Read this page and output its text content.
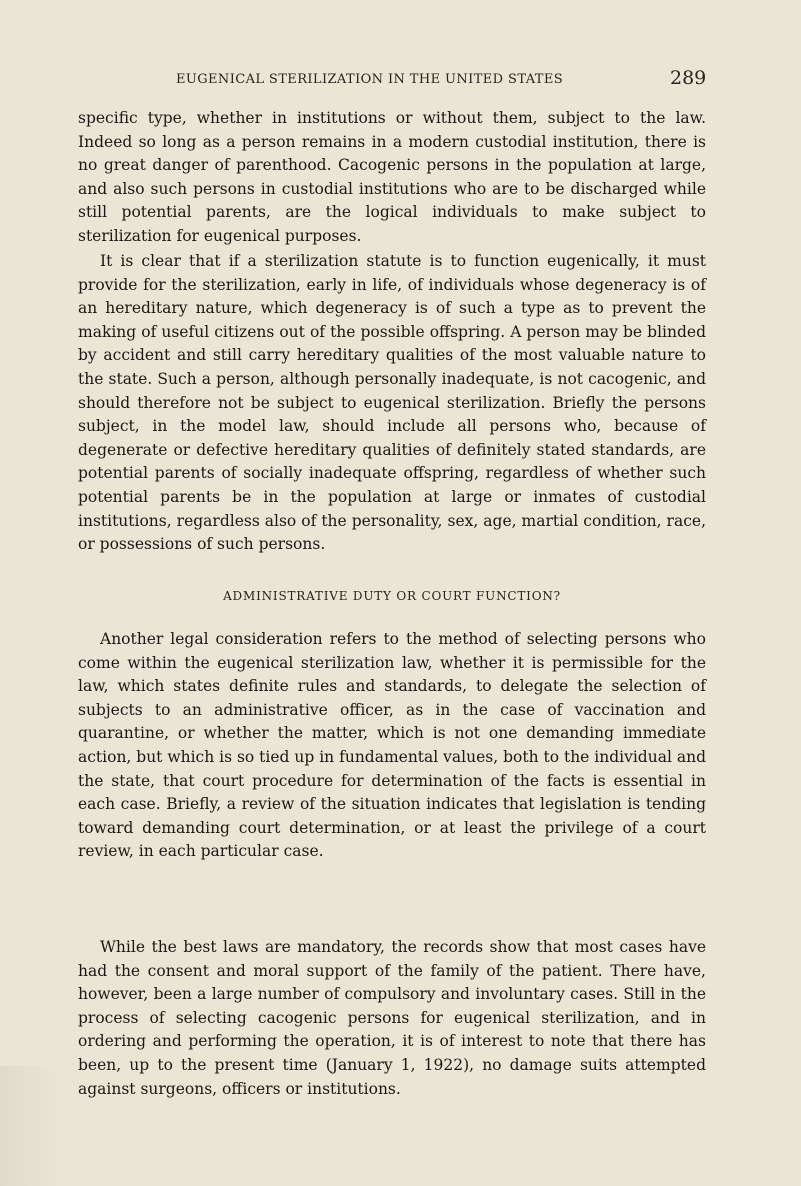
EUGENICAL STERILIZATION IN THE UNITED STATES	289

specific type, whether in institutions or without them, subject to the law. Indeed so long as a person remains in a modern custodial institution, there is no great danger of parenthood. Cacogenic persons in the population at large, and also such persons in custodial institutions who are to be discharged while still potential parents, are the logical individuals to make subject to sterilization for eugenical purposes.

It is clear that if a sterilization statute is to function eugenically, it must provide for the sterilization, early in life, of individuals whose degeneracy is of an hereditary nature, which degeneracy is of such a type as to prevent the making of useful citizens out of the possible offspring. A person may be blinded by accident and still carry hereditary qualities of the most valuable nature to the state. Such a person, although personally inadequate, is not cacogenic, and should therefore not be subject to eugenical sterilization. Briefly the persons subject, in the model law, should include all persons who, because of degenerate or defective hereditary qualities of definitely stated standards, are potential parents of socially inadequate offspring, regardless of whether such potential parents be in the population at large or inmates of custodial institutions, regardless also of the personality, sex, age, martial condition, race, or possessions of such persons.

ADMINISTRATIVE DUTY OR COURT FUNCTION?

Another legal consideration refers to the method of selecting persons who come within the eugenical sterilization law, whether it is permissible for the law, which states definite rules and standards, to delegate the selection of subjects to an administrative officer, as in the case of vaccination and quarantine, or whether the matter, which is not one demanding immediate action, but which is so tied up in fundamental values, both to the individual and the state, that court procedure for determination of the facts is essential in each case. Briefly, a review of the situation indicates that legislation is tending toward demanding court determination, or at least the privilege of a court review, in each particular case.

While the best laws are mandatory, the records show that most cases have had the consent and moral support of the family of the patient. There have, however, been a large number of compulsory and involuntary cases. Still in the process of selecting cacogenic persons for eugenical sterilization, and in ordering and performing the operation, it is of interest to note that there has been, up to the present time (January 1, 1922), no damage suits attempted against surgeons, officers or institutions.
